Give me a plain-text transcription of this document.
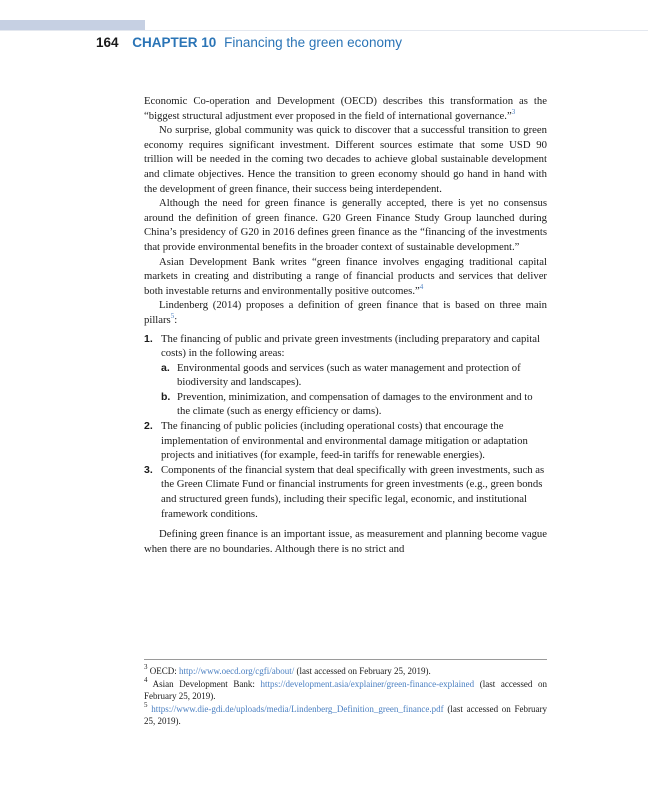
164 CHAPTER 10 Financing the green economy

Economic Co-operation and Development (OECD) describes this transformation as the “biggest structural adjustment ever proposed in the field of international governance.”$^3$

No surprise, global community was quick to discover that a successful transition to green economy requires significant investment. Different sources estimate that some USD 90 trillion will be needed in the coming two decades to achieve global sustainable development and climate objectives. Hence the transition to green economy should go hand in hand with the development of green finance, their success being interdependent.

Although the need for green finance is generally accepted, there is yet no consensus around the definition of green finance. G20 Green Finance Study Group launched during China’s presidency of G20 in 2016 defines green finance as the “financing of the investments that provide environmental benefits in the broader context of sustainable development.”

Asian Development Bank writes “green finance involves engaging traditional capital markets in creating and distributing a range of financial products and services that deliver both investable returns and environmentally positive outcomes.”$^4$

Lindenberg (2014) proposes a definition of green finance that is based on three main pillars$^5$:

1. The financing of public and private green investments (including preparatory and capital costs) in the following areas:
a. Environmental goods and services (such as water management and protection of biodiversity and landscapes).
b. Prevention, minimization, and compensation of damages to the environment and to the climate (such as energy efficiency or dams).
2. The financing of public policies (including operational costs) that encourage the implementation of environmental and environmental damage mitigation or adaptation projects and initiatives (for example, feed-in tariffs for renewable energies).
3. Components of the financial system that deal specifically with green investments, such as the Green Climate Fund or financial instruments for green investments (e.g., green bonds and structured green funds), including their specific legal, economic, and institutional framework conditions.

Defining green finance is an important issue, as measurement and planning become vague when there are no boundaries. Although there is no strict and

$^3$ OECD: http://www.oecd.org/cgfi/about/ (last accessed on February 25, 2019).

$^4$ Asian Development Bank: https://development.asia/explainer/green-finance-explained (last accessed on February 25, 2019).

$^5$ https://www.die-gdi.de/uploads/media/Lindenberg_Definition_green_finance.pdf (last accessed on February 25, 2019).
